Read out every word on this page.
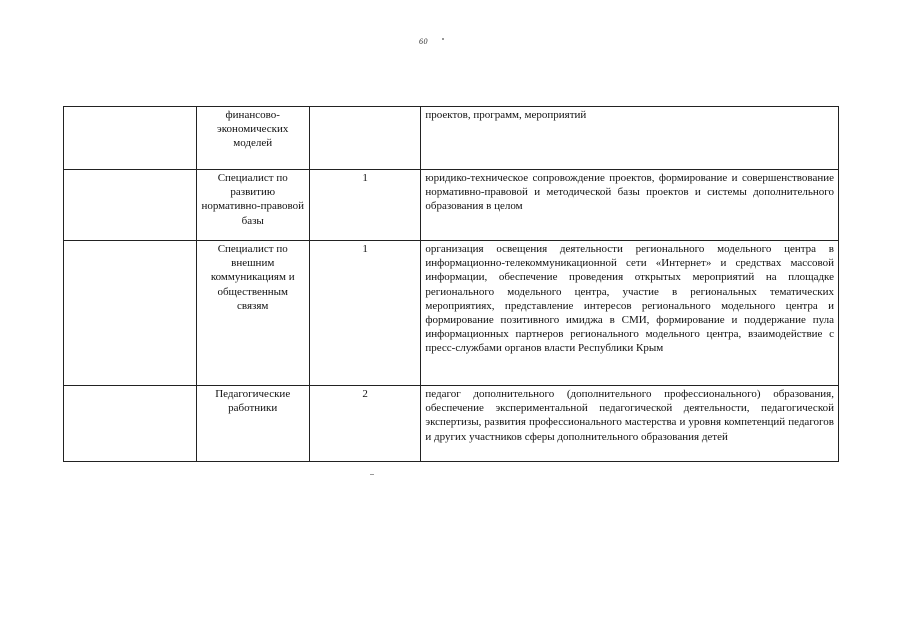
60
	финансово-экономических моделей		проектов, программ, мероприятий
	Специалист по развитию нормативно-правовой базы	1	юридико-техническое сопровождение проектов, формирование и совершенствование нормативно-правовой и методической базы проектов и системы дополнительного образования в целом
	Специалист по внешним коммуникациям и общественным связям	1	организация освещения деятельности регионального модельного центра в информационно-телекоммуникационной сети «Интернет» и средствах массовой информации, обеспечение проведения открытых мероприятий на площадке регионального модельного центра, участие в региональных тематических мероприятиях, представление интересов регионального модельного центра и формирование позитивного имиджа в СМИ, формирование и поддержание пула информационных партнеров регионального модельного центра, взаимодействие с пресс-службами органов власти Республики Крым
	Педагогические работники	2	педагог дополнительного (дополнительного профессионального) образования, обеспечение экспериментальной педагогической деятельности, педагогической экспертизы, развития профессионального мастерства и уровня компетенций педагогов и других участников сферы дополнительного образования детей
